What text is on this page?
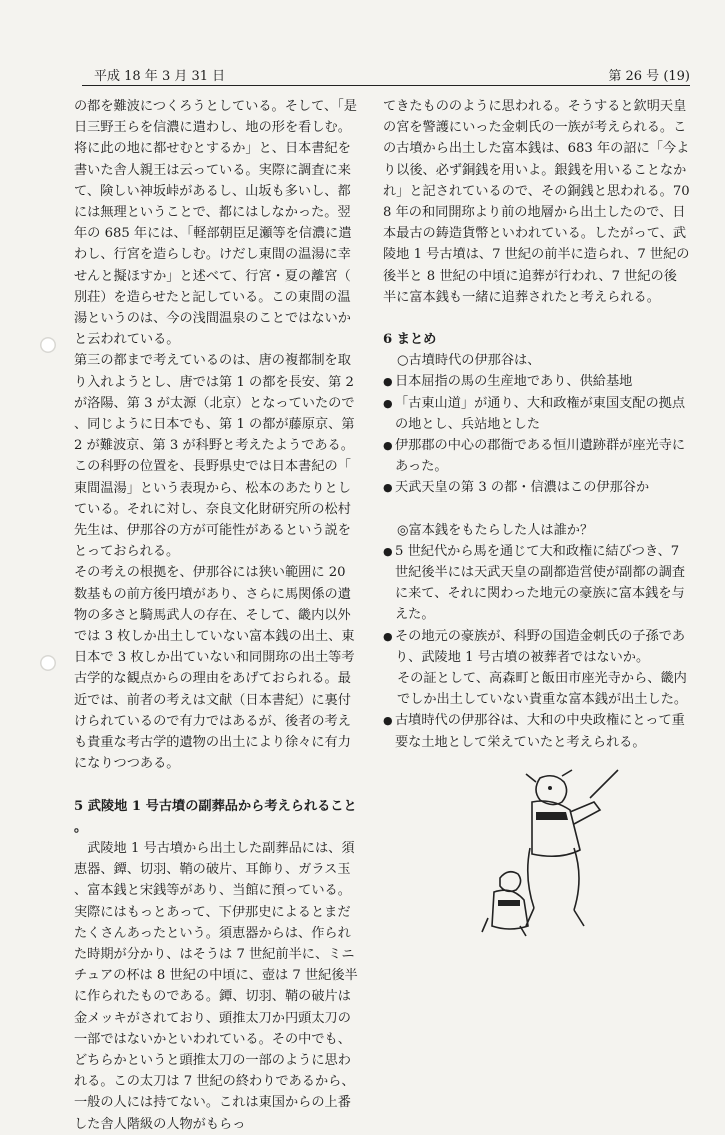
平成 18 年 3 月 31 日	第 26 号 (19)

の都を難波につくろうとしている。そして、「是日三野王らを信濃に遣わし、地の形を看しむ。将に此の地に都せむとするか」と、日本書紀を書いた舎人親王は云っている。実際に調査に来て、険しい神坂峠があるし、山坂も多いし、都には無理ということで、都にはしなかった。翌年の 685 年には、「軽部朝臣足瀬等を信濃に遣わし、行宮を造らしむ。けだし東間の温湯に幸せんと擬ほすか」と述べて、行宮・夏の離宮（別荘）を造らせたと記している。この東間の温湯というのは、今の浅間温泉のことではないかと云われている。

第三の都まで考えているのは、唐の複都制を取り入れようとし、唐では第 1 の都を長安、第 2 が洛陽、第 3 が太源（北京）となっていたので、同じように日本でも、第 1 の都が藤原京、第 2 が難波京、第 3 が科野と考えたようである。この科野の位置を、長野県史では日本書紀の「東間温湯」という表現から、松本のあたりとしている。それに対し、奈良文化財研究所の松村先生は、伊那谷の方が可能性があるという説をとっておられる。

その考えの根拠を、伊那谷には狭い範囲に 20 数基もの前方後円墳があり、さらに馬関係の遺物の多さと騎馬武人の存在、そして、畿内以外では 3 枚しか出土していない富本銭の出土、東日本で 3 枚しか出ていない和同開珎の出土等考古学的な観点からの理由をあげておられる。最近では、前者の考えは文献（日本書紀）に裏付けられているので有力ではあるが、後者の考えも貴重な考古学的遺物の出土により徐々に有力になりつつある。

5 武陵地 1 号古墳の副葬品から考えられること。

武陵地 1 号古墳から出土した副葬品には、須恵器、鐔、切羽、鞘の破片、耳飾り、ガラス玉、富本銭と宋銭等があり、当館に預っている。実際にはもっとあって、下伊那史によるとまだたくさんあったという。須恵器からは、作られた時期が分かり、はそうは 7 世紀前半に、ミニチュアの杯は 8 世紀の中頃に、壺は 7 世紀後半に作られたものである。鐔、切羽、鞘の破片は金メッキがされており、頭推太刀か円頭太刀の一部ではないかといわれている。その中でも、どちらかというと頭推太刀の一部のように思われる。この太刀は 7 世紀の終わりであるから、一般の人には持てない。これは東国からの上番した舎人階級の人物がもらっ

てきたもののように思われる。そうすると欽明天皇の宮を警護にいった金刺氏の一族が考えられる。この古墳から出土した富本銭は、683 年の詔に「今より以後、必ず銅銭を用いよ。銀銭を用いることなかれ」と記されているので、その銅銭と思われる。708 年の和同開珎より前の地層から出土したので、日本最古の鋳造貨幣といわれている。したがって、武陵地 1 号古墳は、7 世紀の前半に造られ、7 世紀の後半と 8 世紀の中頃に追葬が行われ、7 世紀の後半に富本銭も一緒に追葬されたと考えられる。

6 まとめ

○古墳時代の伊那谷は、

● 日本屈指の馬の生産地であり、供給基地
● 「古東山道」が通り、大和政権が東国支配の拠点の地とし、兵站地とした
● 伊那郡の中心の郡衙である恒川遺跡群が座光寺にあった。
● 天武天皇の第 3 の都・信濃はこの伊那谷か

◎富本銭をもたらした人は誰か？

● 5 世紀代から馬を通じて大和政権に結びつき、7 世紀後半には天武天皇の副都造営使が副都の調査に来て、それに関わった地元の豪族に富本銭を与えた。
● その地元の豪族が、科野の国造金刺氏の子孫であり、武陵地 1 号古墳の被葬者ではないか。

その証として、高森町と飯田市座光寺から、畿内でしか出土していない貴重な富本銭が出土した。

● 古墳時代の伊那谷は、大和の中央政権にとって重要な土地として栄えていたと考えられる。
